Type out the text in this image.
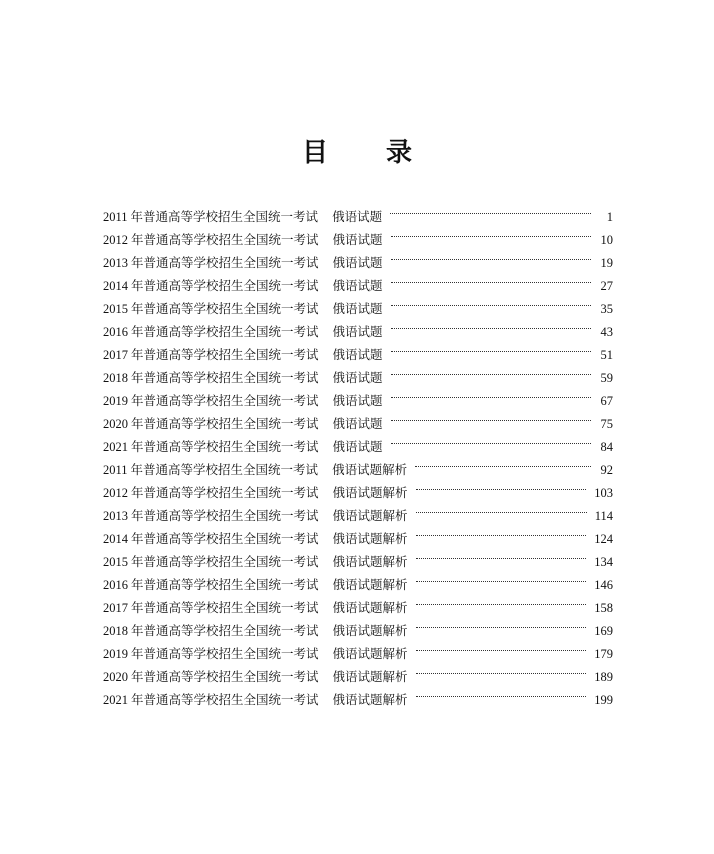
目录
2011 年普通高等学校招生全国统一考试 俄语试题	1
2012 年普通高等学校招生全国统一考试 俄语试题	10
2013 年普通高等学校招生全国统一考试 俄语试题	19
2014 年普通高等学校招生全国统一考试 俄语试题	27
2015 年普通高等学校招生全国统一考试 俄语试题	35
2016 年普通高等学校招生全国统一考试 俄语试题	43
2017 年普通高等学校招生全国统一考试 俄语试题	51
2018 年普通高等学校招生全国统一考试 俄语试题	59
2019 年普通高等学校招生全国统一考试 俄语试题	67
2020 年普通高等学校招生全国统一考试 俄语试题	75
2021 年普通高等学校招生全国统一考试 俄语试题	84
2011 年普通高等学校招生全国统一考试 俄语试题解析	92
2012 年普通高等学校招生全国统一考试 俄语试题解析	103
2013 年普通高等学校招生全国统一考试 俄语试题解析	114
2014 年普通高等学校招生全国统一考试 俄语试题解析	124
2015 年普通高等学校招生全国统一考试 俄语试题解析	134
2016 年普通高等学校招生全国统一考试 俄语试题解析	146
2017 年普通高等学校招生全国统一考试 俄语试题解析	158
2018 年普通高等学校招生全国统一考试 俄语试题解析	169
2019 年普通高等学校招生全国统一考试 俄语试题解析	179
2020 年普通高等学校招生全国统一考试 俄语试题解析	189
2021 年普通高等学校招生全国统一考试 俄语试题解析	199
